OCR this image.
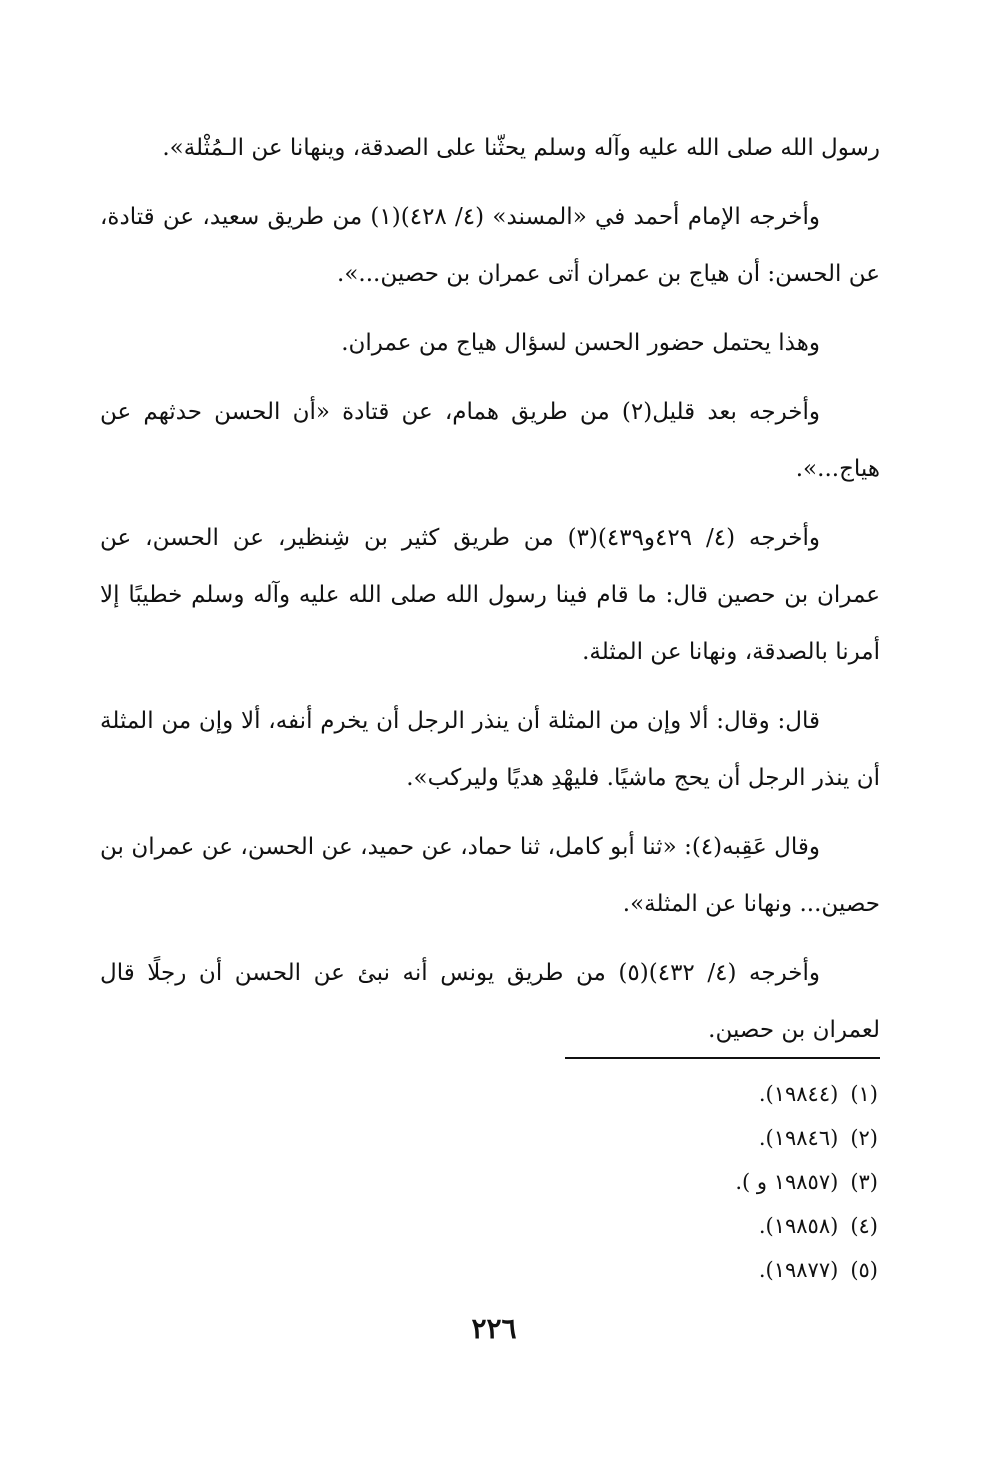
رسول الله صلى الله عليه وآله وسلم يحثّنا على الصدقة، وينهانا عن الـمُثْلة».

وأخرجه الإمام أحمد في «المسند» (٤/ ٤٢٨)(١) من طريق سعيد، عن قتادة، عن الحسن: أن هياج بن عمران أتى عمران بن حصين...».

وهذا يحتمل حضور الحسن لسؤال هياج من عمران.

وأخرجه بعد قليل(٢) من طريق همام، عن قتادة «أن الحسن حدثهم عن هياج...».

وأخرجه (٤/ ٤٢٩و٤٣٩)(٣) من طريق كثير بن شِنظير، عن الحسن، عن عمران بن حصين قال: ما قام فينا رسول الله صلى الله عليه وآله وسلم خطيبًا إلا أمرنا بالصدقة، ونهانا عن المثلة.

قال: وقال: ألا وإن من المثلة أن ينذر الرجل أن يخرم أنفه، ألا وإن من المثلة أن ينذر الرجل أن يحج ماشيًا. فليهْدِ هديًا وليركب».

وقال عَقِبه(٤): «ثنا أبو كامل، ثنا حماد، عن حميد، عن الحسن، عن عمران بن حصين... ونهانا عن المثلة».

وأخرجه (٤/ ٤٣٢)(٥) من طريق يونس أنه نبئ عن الحسن أن رجلًا قال لعمران بن حصين.

(١)(١٩٨٤٤).
(٢)(١٩٨٤٦).
(٣)(١٩٨٥٧ و ).
(٤)(١٩٨٥٨).
(٥)(١٩٨٧٧).
٢٢٦
